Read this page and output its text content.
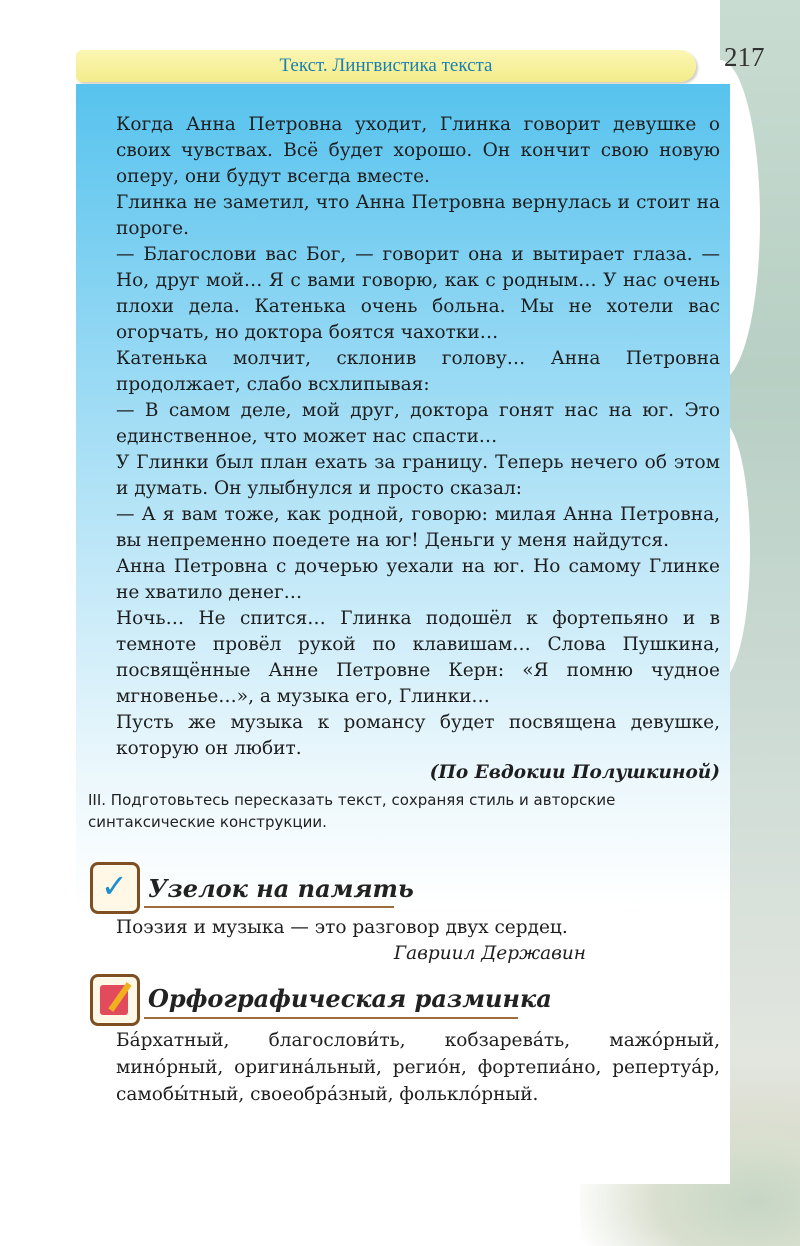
Текст. Лингвистика текста	217

Когда Анна Петровна уходит, Глинка говорит девушке о своих чувствах. Всё будет хорошо. Он кончит свою новую оперу, они будут всегда вместе.

Глинка не заметил, что Анна Петровна вернулась и стоит на пороге.

— Благослови вас Бог, — говорит она и вытирает глаза. — Но, друг мой… Я с вами говорю, как с родным… У нас очень плохи дела. Катенька очень больна. Мы не хотели вас огорчать, но доктора боятся чахотки…

Катенька молчит, склонив голову… Анна Петровна продолжает, слабо всхлипывая:

— В самом деле, мой друг, доктора гонят нас на юг. Это единственное, что может нас спасти…

У Глинки был план ехать за границу. Теперь нечего об этом и думать. Он улыбнулся и просто сказал:

— А я вам тоже, как родной, говорю: милая Анна Петровна, вы непременно поедете на юг! Деньги у меня найдутся.

Анна Петровна с дочерью уехали на юг. Но самому Глинке не хватило денег…

Ночь… Не спится… Глинка подошёл к фортепьяно и в темноте провёл рукой по клавишам… Слова Пушкина, посвящённые Анне Петровне Керн: «Я помню чудное мгновенье…», а музыка его, Глинки…

Пусть же музыка к романсу будет посвящена девушке, которую он любит.

(По Евдокии Полушкиной)
III. Подготовьтесь пересказать текст, сохраняя стиль и авторские синтаксические конструкции.
✓ Узелок на память
Поэзия и музыка — это разговор двух сердец.
Гавриил Державин
Орфографическая разминка
Ба́рхатный, благослови́ть, кобзарева́ть, мажо́рный, мино́рный, оригина́льный, регио́н, фортепиа́но, репертуа́р, самобы́тный, своеобра́зный, фолькло́рный.
